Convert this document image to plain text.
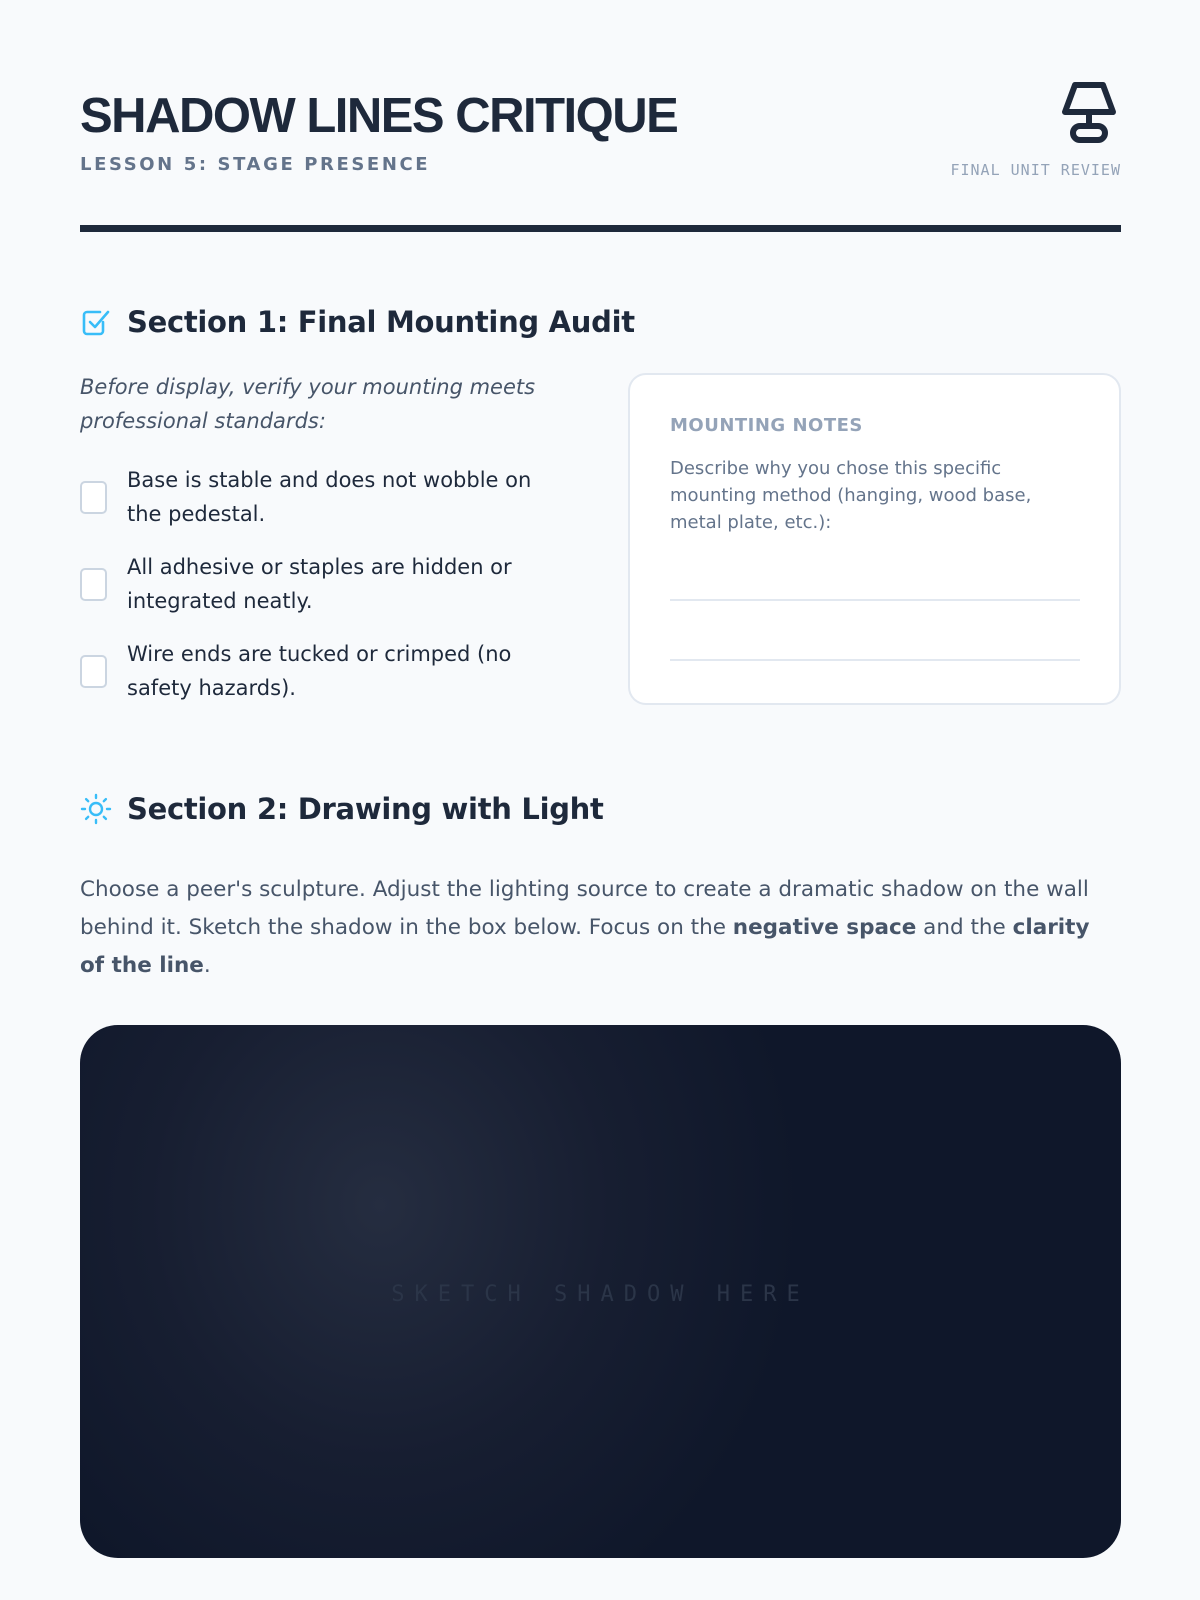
SHADOW LINES CRITIQUE
LESSON 5: STAGE PRESENCE	FINAL UNIT REVIEW
Section 1: Final Mounting Audit

Before display, verify your mounting meets professional standards:

Base is stable and does not wobble on the pedestal.
All adhesive or staples are hidden or integrated neatly.
Wire ends are tucked or crimped (no safety hazards).
MOUNTING NOTES
Describe why you chose this specific mounting method (hanging, wood base, metal plate, etc.):
Section 2: Drawing with Light

Choose a peer's sculpture. Adjust the lighting source to create a dramatic shadow on the wall behind it. Sketch the shadow in the box below. Focus on the negative space and the clarity of the line.

SKETCH SHADOW HERE
